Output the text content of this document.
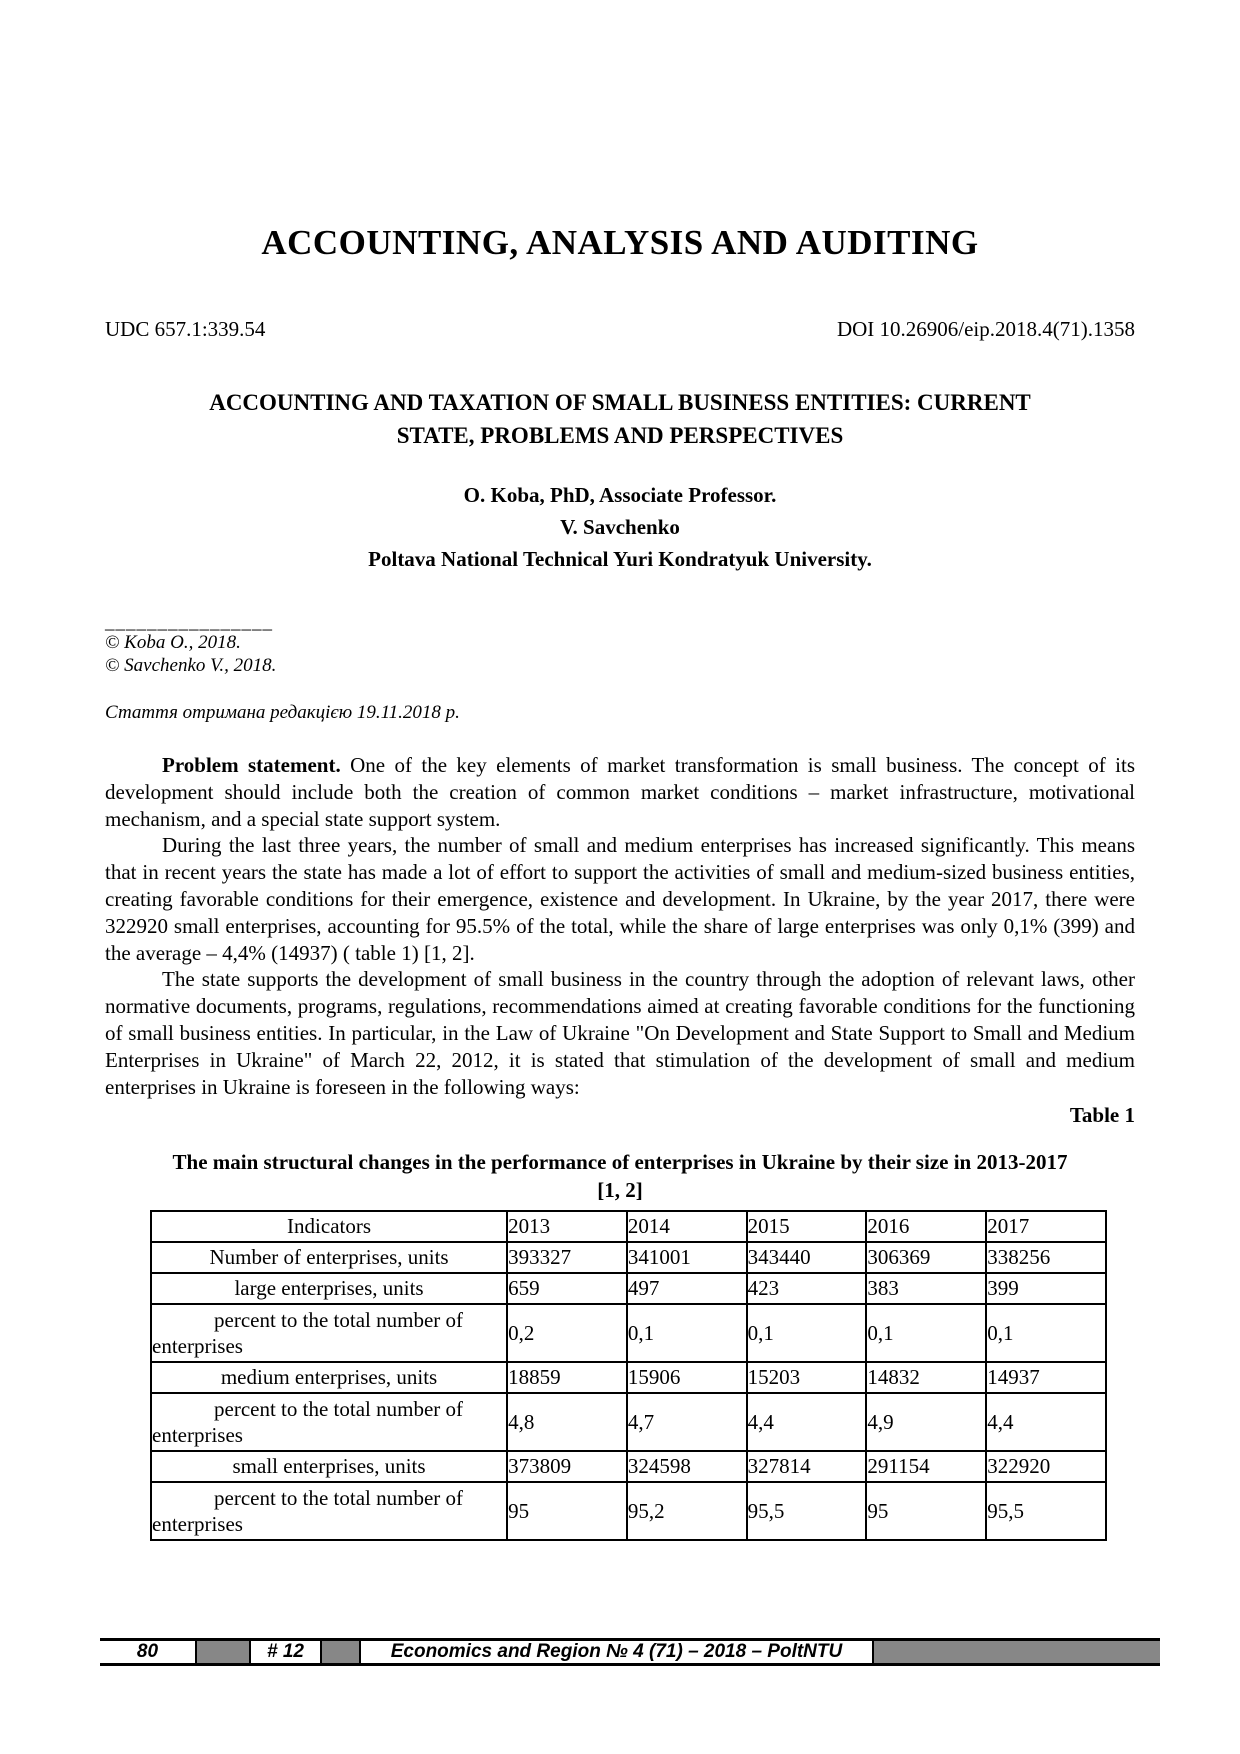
ACCOUNTING, ANALYSIS AND AUDITING
UDC 657.1:339.54	DOI 10.26906/eip.2018.4(71).1358
ACCOUNTING AND TAXATION OF SMALL BUSINESS ENTITIES: CURRENT STATE, PROBLEMS AND PERSPECTIVES
O. Koba, PhD, Associate Professor.
V. Savchenko
Poltava National Technical Yuri Kondratyuk University.
________________
© Koba O., 2018.
© Savchenko V., 2018.
Стаття отримана редакцією 19.11.2018 р.

Problem statement. One of the key elements of market transformation is small business. The concept of its development should include both the creation of common market conditions – market infrastructure, motivational mechanism, and a special state support system.

During the last three years, the number of small and medium enterprises has increased significantly. This means that in recent years the state has made a lot of effort to support the activities of small and medium-sized business entities, creating favorable conditions for their emergence, existence and development. In Ukraine, by the year 2017, there were 322920 small enterprises, accounting for 95.5% of the total, while the share of large enterprises was only 0,1% (399) and the average – 4,4% (14937) ( table 1) [1, 2].

The state supports the development of small business in the country through the adoption of relevant laws, other normative documents, programs, regulations, recommendations aimed at creating favorable conditions for the functioning of small business entities. In particular, in the Law of Ukraine "On Development and State Support to Small and Medium Enterprises in Ukraine" of March 22, 2012, it is stated that stimulation of the development of small and medium enterprises in Ukraine is foreseen in the following ways:

Table 1
The main structural changes in the performance of enterprises in Ukraine by their size in 2013-2017
[1, 2]
Indicators	2013	2014	2015	2016	2017
Number of enterprises, units	393327	341001	343440	306369	338256
large enterprises, units	659	497	423	383	399
percent to the total number of enterprises	0,2	0,1	0,1	0,1	0,1
medium enterprises, units	18859	15906	15203	14832	14937
percent to the total number of enterprises	4,8	4,7	4,4	4,9	4,4
small enterprises, units	373809	324598	327814	291154	322920
percent to the total number of enterprises	95	95,2	95,5	95	95,5
80	# 12	Economics and Region № 4 (71) – 2018 – PoltNTU
